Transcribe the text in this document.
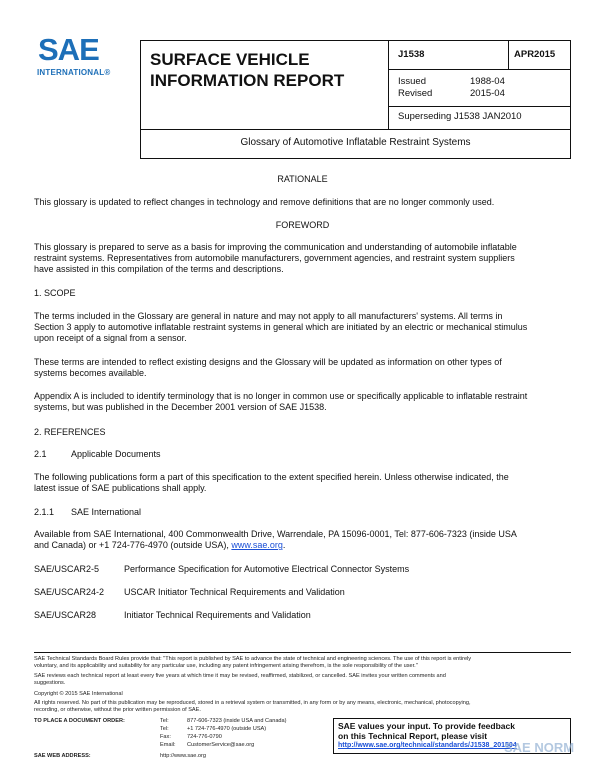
SAE
INTERNATIONAL®
SURFACE VEHICLE
INFORMATION REPORT
J1538	APR2015
Issued	1988-04
Revised	2015-04
Superseding J1538 JAN2010
Glossary of Automotive Inflatable Restraint Systems
RATIONALE
This glossary is updated to reflect changes in technology and remove definitions that are no longer commonly used.
FOREWORD
This glossary is prepared to serve as a basis for improving the communication and understanding of automobile inflatable
restraint systems. Representatives from automobile manufacturers, government agencies, and restraint system suppliers
have assisted in this compilation of the terms and descriptions.
1. SCOPE
The terms included in the Glossary are general in nature and may not apply to all manufacturers' systems. All terms in
Section 3 apply to automotive inflatable restraint systems in general which are initiated by an electric or mechanical stimulus
upon receipt of a signal from a sensor.
These terms are intended to reflect existing designs and the Glossary will be updated as information on other types of
systems becomes available.
Appendix A is included to identify terminology that is no longer in common use or specifically applicable to inflatable restraint
systems, but was published in the December 2001 version of SAE J1538.
2. REFERENCES
2.1	Applicable Documents
The following publications form a part of this specification to the extent specified herein. Unless otherwise indicated, the
latest issue of SAE publications shall apply.
2.1.1 SAE International
Available from SAE International, 400 Commonwealth Drive, Warrendale, PA 15096-0001, Tel: 877-606-7323 (inside USA
and Canada) or +1 724-776-4970 (outside USA), www.sae.org.
SAE/USCAR2-5	Performance Specification for Automotive Electrical Connector Systems
SAE/USCAR24-2 USCAR Initiator Technical Requirements and Validation
SAE/USCAR28	Initiator Technical Requirements and Validation
SAE Technical Standards Board Rules provide that: "This report is published by SAE to advance the state of technical and engineering sciences. The use of this report is entirely
voluntary, and its applicability and suitability for any particular use, including any patent infringement arising therefrom, is the sole responsibility of the user."
SAE reviews each technical report at least every five years at which time it may be revised, reaffirmed, stabilized, or cancelled. SAE invites your written comments and
suggestions.
Copyright © 2015 SAE International
All rights reserved. No part of this publication may be reproduced, stored in a retrieval system or transmitted, in any form or by any means, electronic, mechanical, photocopying,
recording, or otherwise, without the prior written permission of SAE.
TO PLACE A DOCUMENT ORDER:	Tel:	877-606-7323 (inside USA and Canada)
Tel:	+1 724-776-4970 (outside USA)
Fax:	724-776-0790
Email: CustomerService@sae.org
SAE WEB ADDRESS:	http://www.sae.org
SAE values your input. To provide feedback
on this Technical Report, please visit
http://www.sae.org/technical/standards/J1538_201504
SAE NORM
